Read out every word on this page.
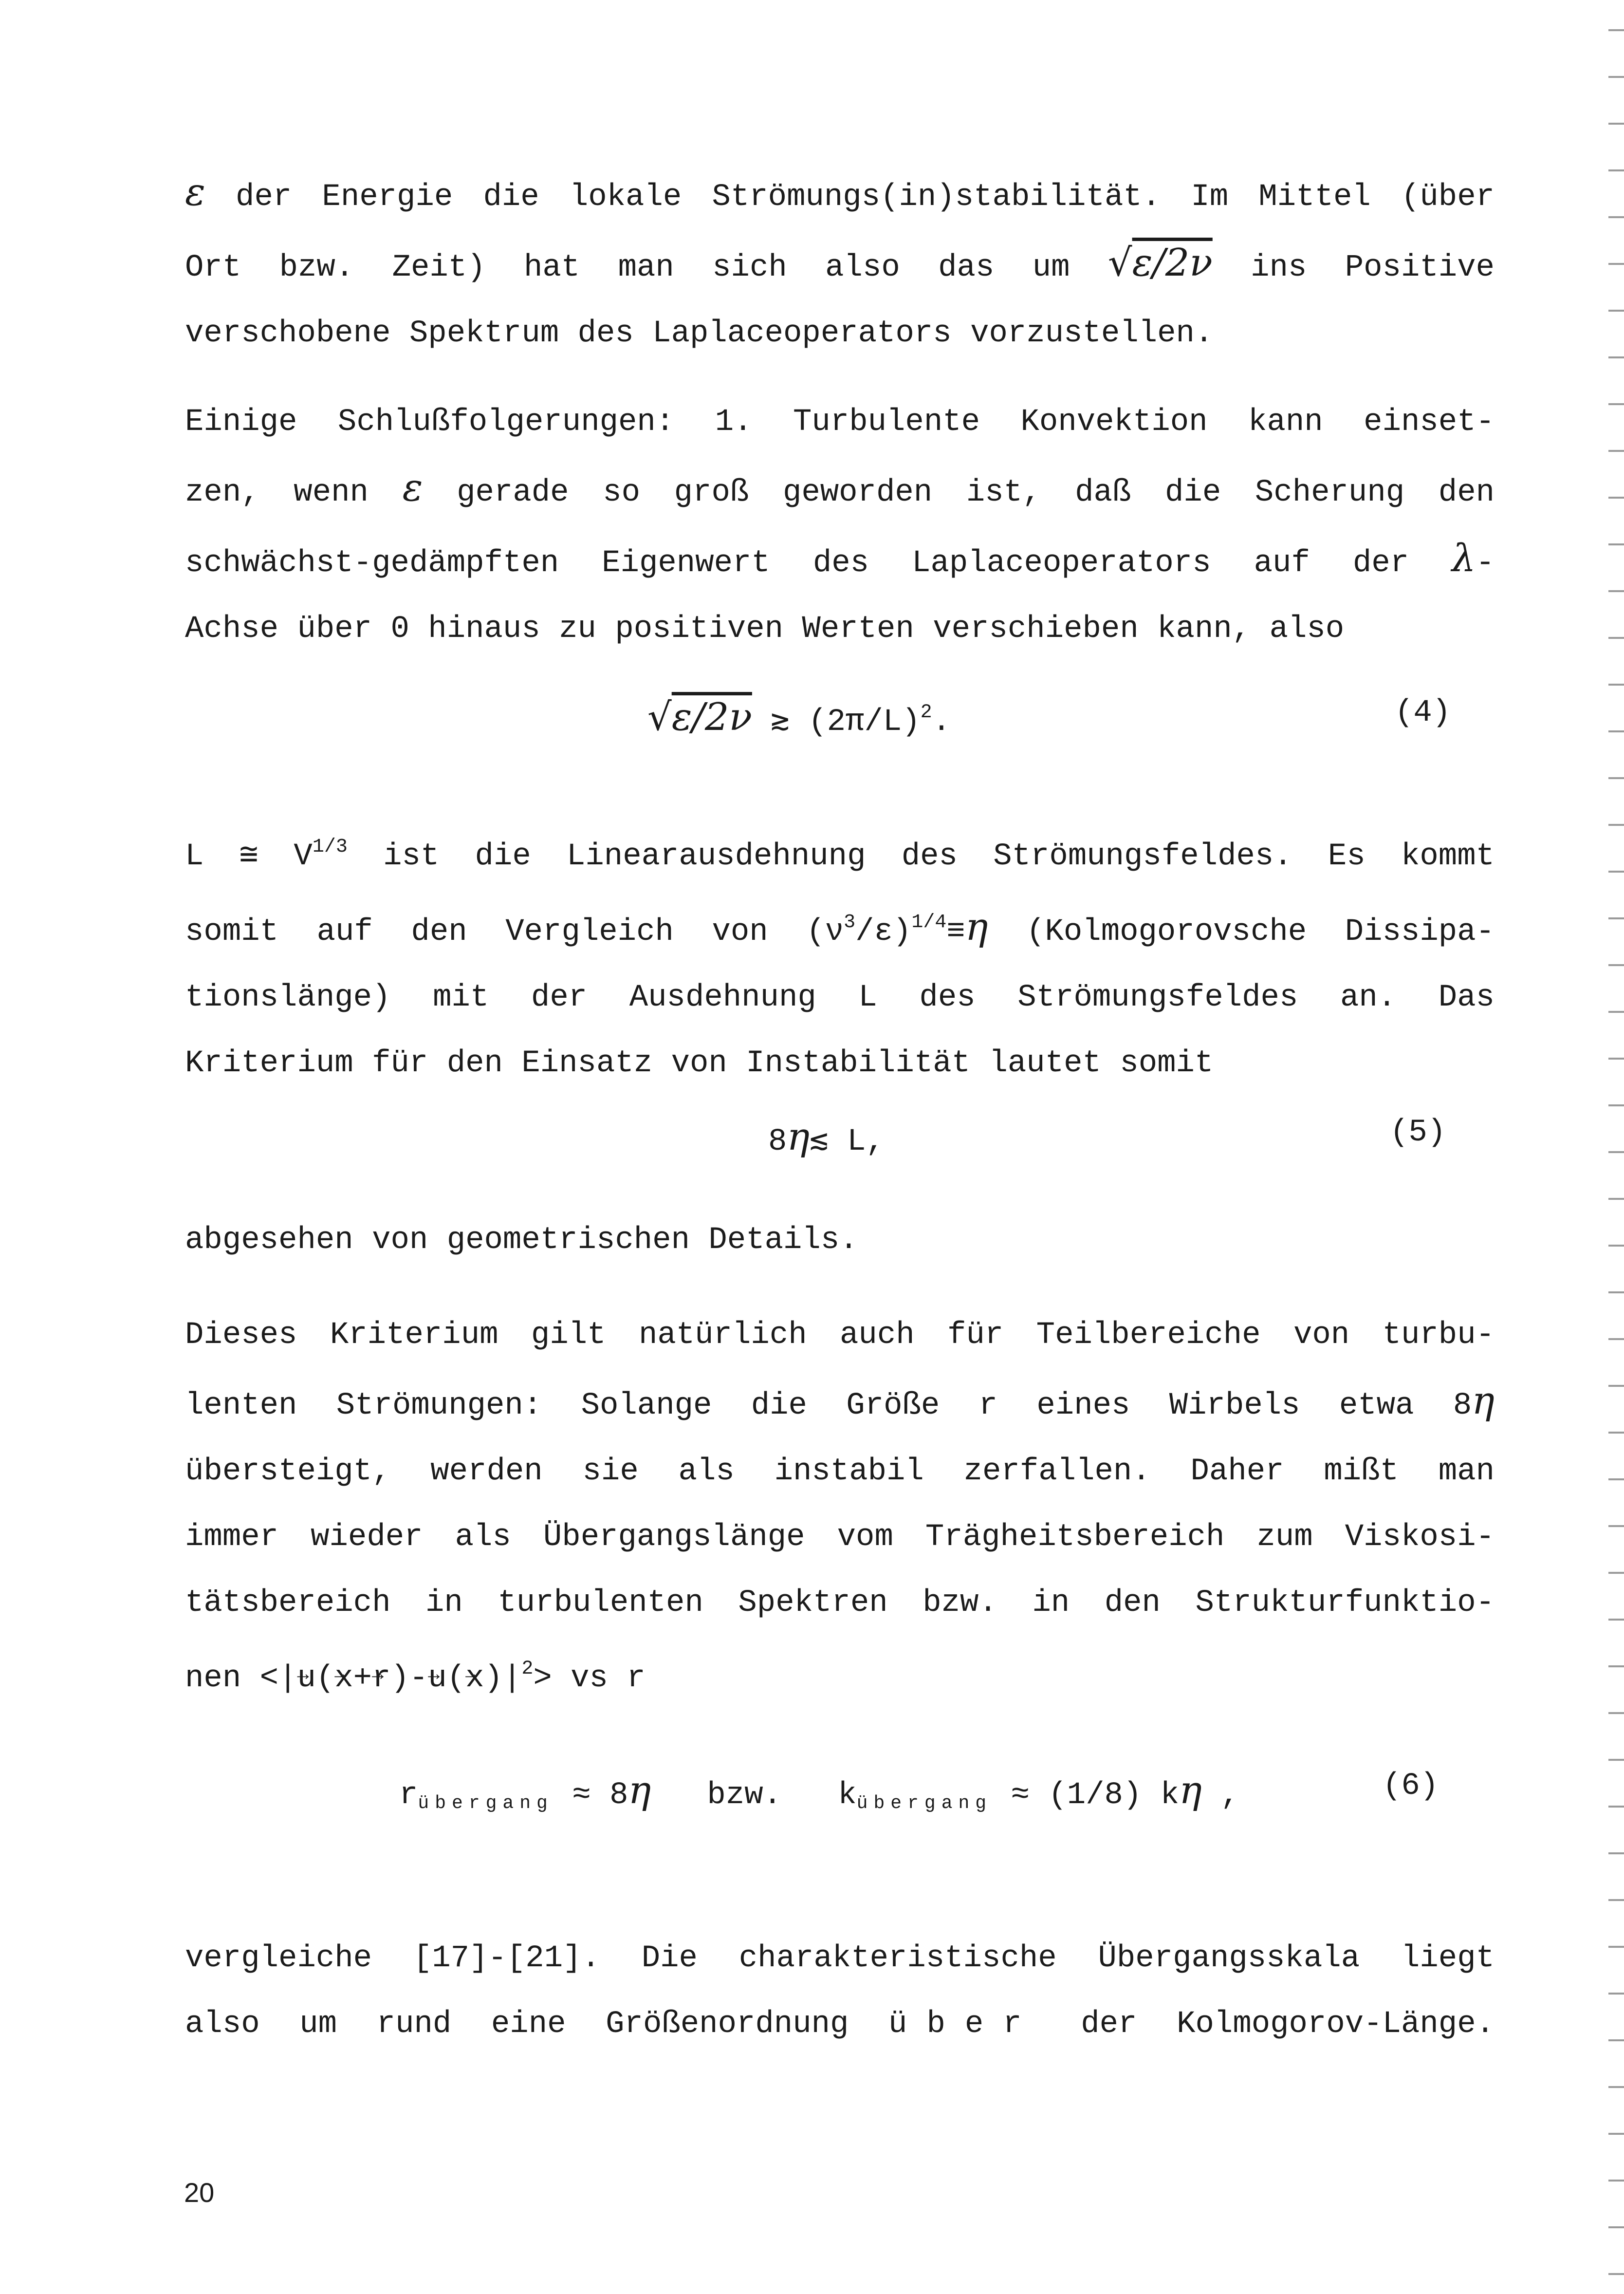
ε der Energie die lokale Strömungs(in)stabilität. Im Mittel (über
Ort bzw. Zeit) hat man sich also das um √ε/2ν ins Positive
verschobene Spektrum des Laplaceoperators vorzustellen.

Einige Schlußfolgerungen: 1. Turbulente Konvektion kann einset-
zen, wenn ε gerade so groß geworden ist, daß die Scherung den
schwächst-gedämpften Eigenwert des Laplaceoperators auf der λ-
Achse über 0 hinaus zu positiven Werten verschieben kann, also

√ε/2ν ≳ $(2\pi/L)^2$.	(4)

L ≅ $V^{1/3}$ ist die Linearausdehnung des Strömungsfeldes. Es kommt
somit auf den Vergleich von $(\nu^3/\varepsilon)^{1/4}\equiv\eta$ (Kolmogorovsche Dissipa-
tionslänge) mit der Ausdehnung L des Strömungsfeldes an. Das
Kriterium für den Einsatz von Instabilität lautet somit

8η≲ L,	(5)

abgesehen von geometrischen Details.

Dieses Kriterium gilt natürlich auch für Teilbereiche von turbu-
lenten Strömungen: Solange die Größe r eines Wirbels etwa 8η
übersteigt, werden sie als instabil zerfallen. Daher mißt man
immer wieder als Übergangslänge vom Trägheitsbereich zum Viskosi-
tätsbereich in turbulenten Spektren bzw. in den Strukturfunktio-
nen <|→ $u(\to x+\to r)-\to u(\to x)|^2>$ vs r

$r_{übergang} \approx 8\eta$   bzw.   $k_{übergang} \approx (1/8)$ kη ,	(6)

vergleiche [17]-[21]. Die charakteristische Übergangsskala liegt
also um rund eine Größenordnung über der Kolmogorov-Länge.

20
